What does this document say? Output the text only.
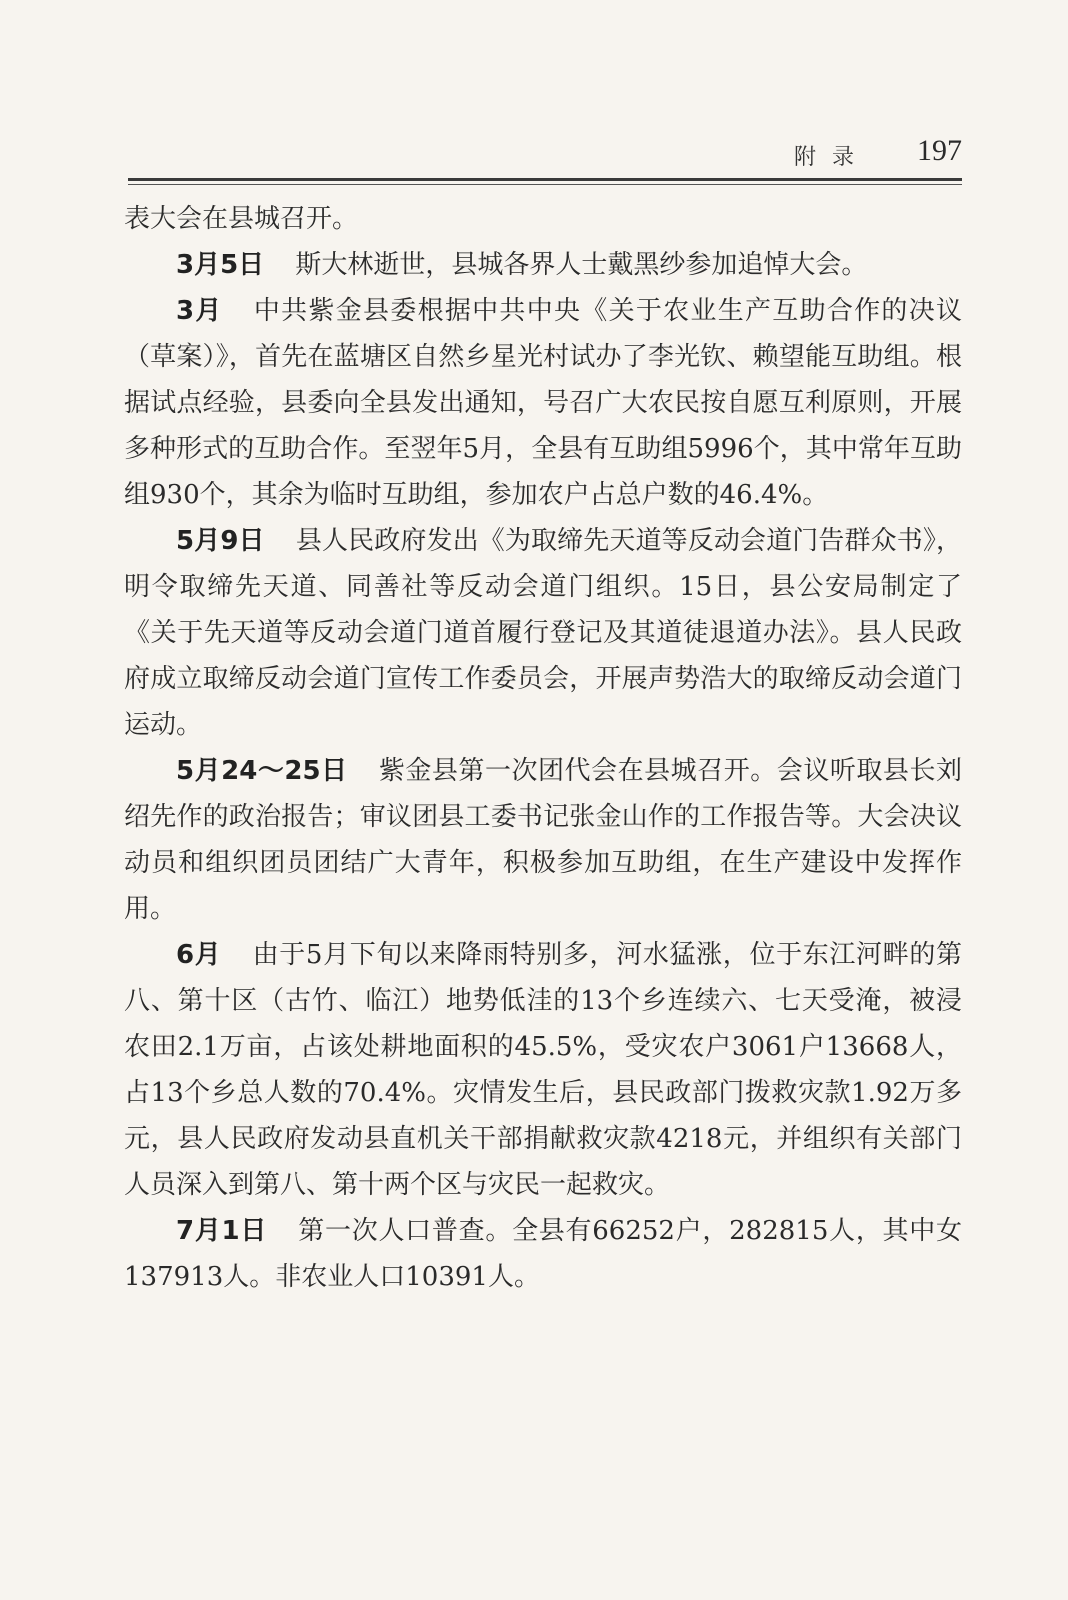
附录 197

表大会在县城召开。

3月5日 斯大林逝世，县城各界人士戴黑纱参加追悼大会。

3月 中共紫金县委根据中共中央《关于农业生产互助合作的决议（草案）》，首先在蓝塘区自然乡星光村试办了李光钦、赖望能互助组。根据试点经验，县委向全县发出通知，号召广大农民按自愿互利原则，开展多种形式的互助合作。至翌年5月，全县有互助组5996个，其中常年互助组930个，其余为临时互助组，参加农户占总户数的46.4%。

5月9日 县人民政府发出《为取缔先天道等反动会道门告群众书》，明令取缔先天道、同善社等反动会道门组织。15日，县公安局制定了《关于先天道等反动会道门道首履行登记及其道徒退道办法》。县人民政府成立取缔反动会道门宣传工作委员会，开展声势浩大的取缔反动会道门运动。

5月24～25日 紫金县第一次团代会在县城召开。会议听取县长刘绍先作的政治报告；审议团县工委书记张金山作的工作报告等。大会决议动员和组织团员团结广大青年，积极参加互助组，在生产建设中发挥作用。

6月 由于5月下旬以来降雨特别多，河水猛涨，位于东江河畔的第八、第十区（古竹、临江）地势低洼的13个乡连续六、七天受淹，被浸农田2.1万亩，占该处耕地面积的45.5%，受灾农户3061户13668人，占13个乡总人数的70.4%。灾情发生后，县民政部门拨救灾款1.92万多元，县人民政府发动县直机关干部捐献救灾款4218元，并组织有关部门人员深入到第八、第十两个区与灾民一起救灾。

7月1日 第一次人口普查。全县有66252户，282815人，其中女137913人。非农业人口10391人。
